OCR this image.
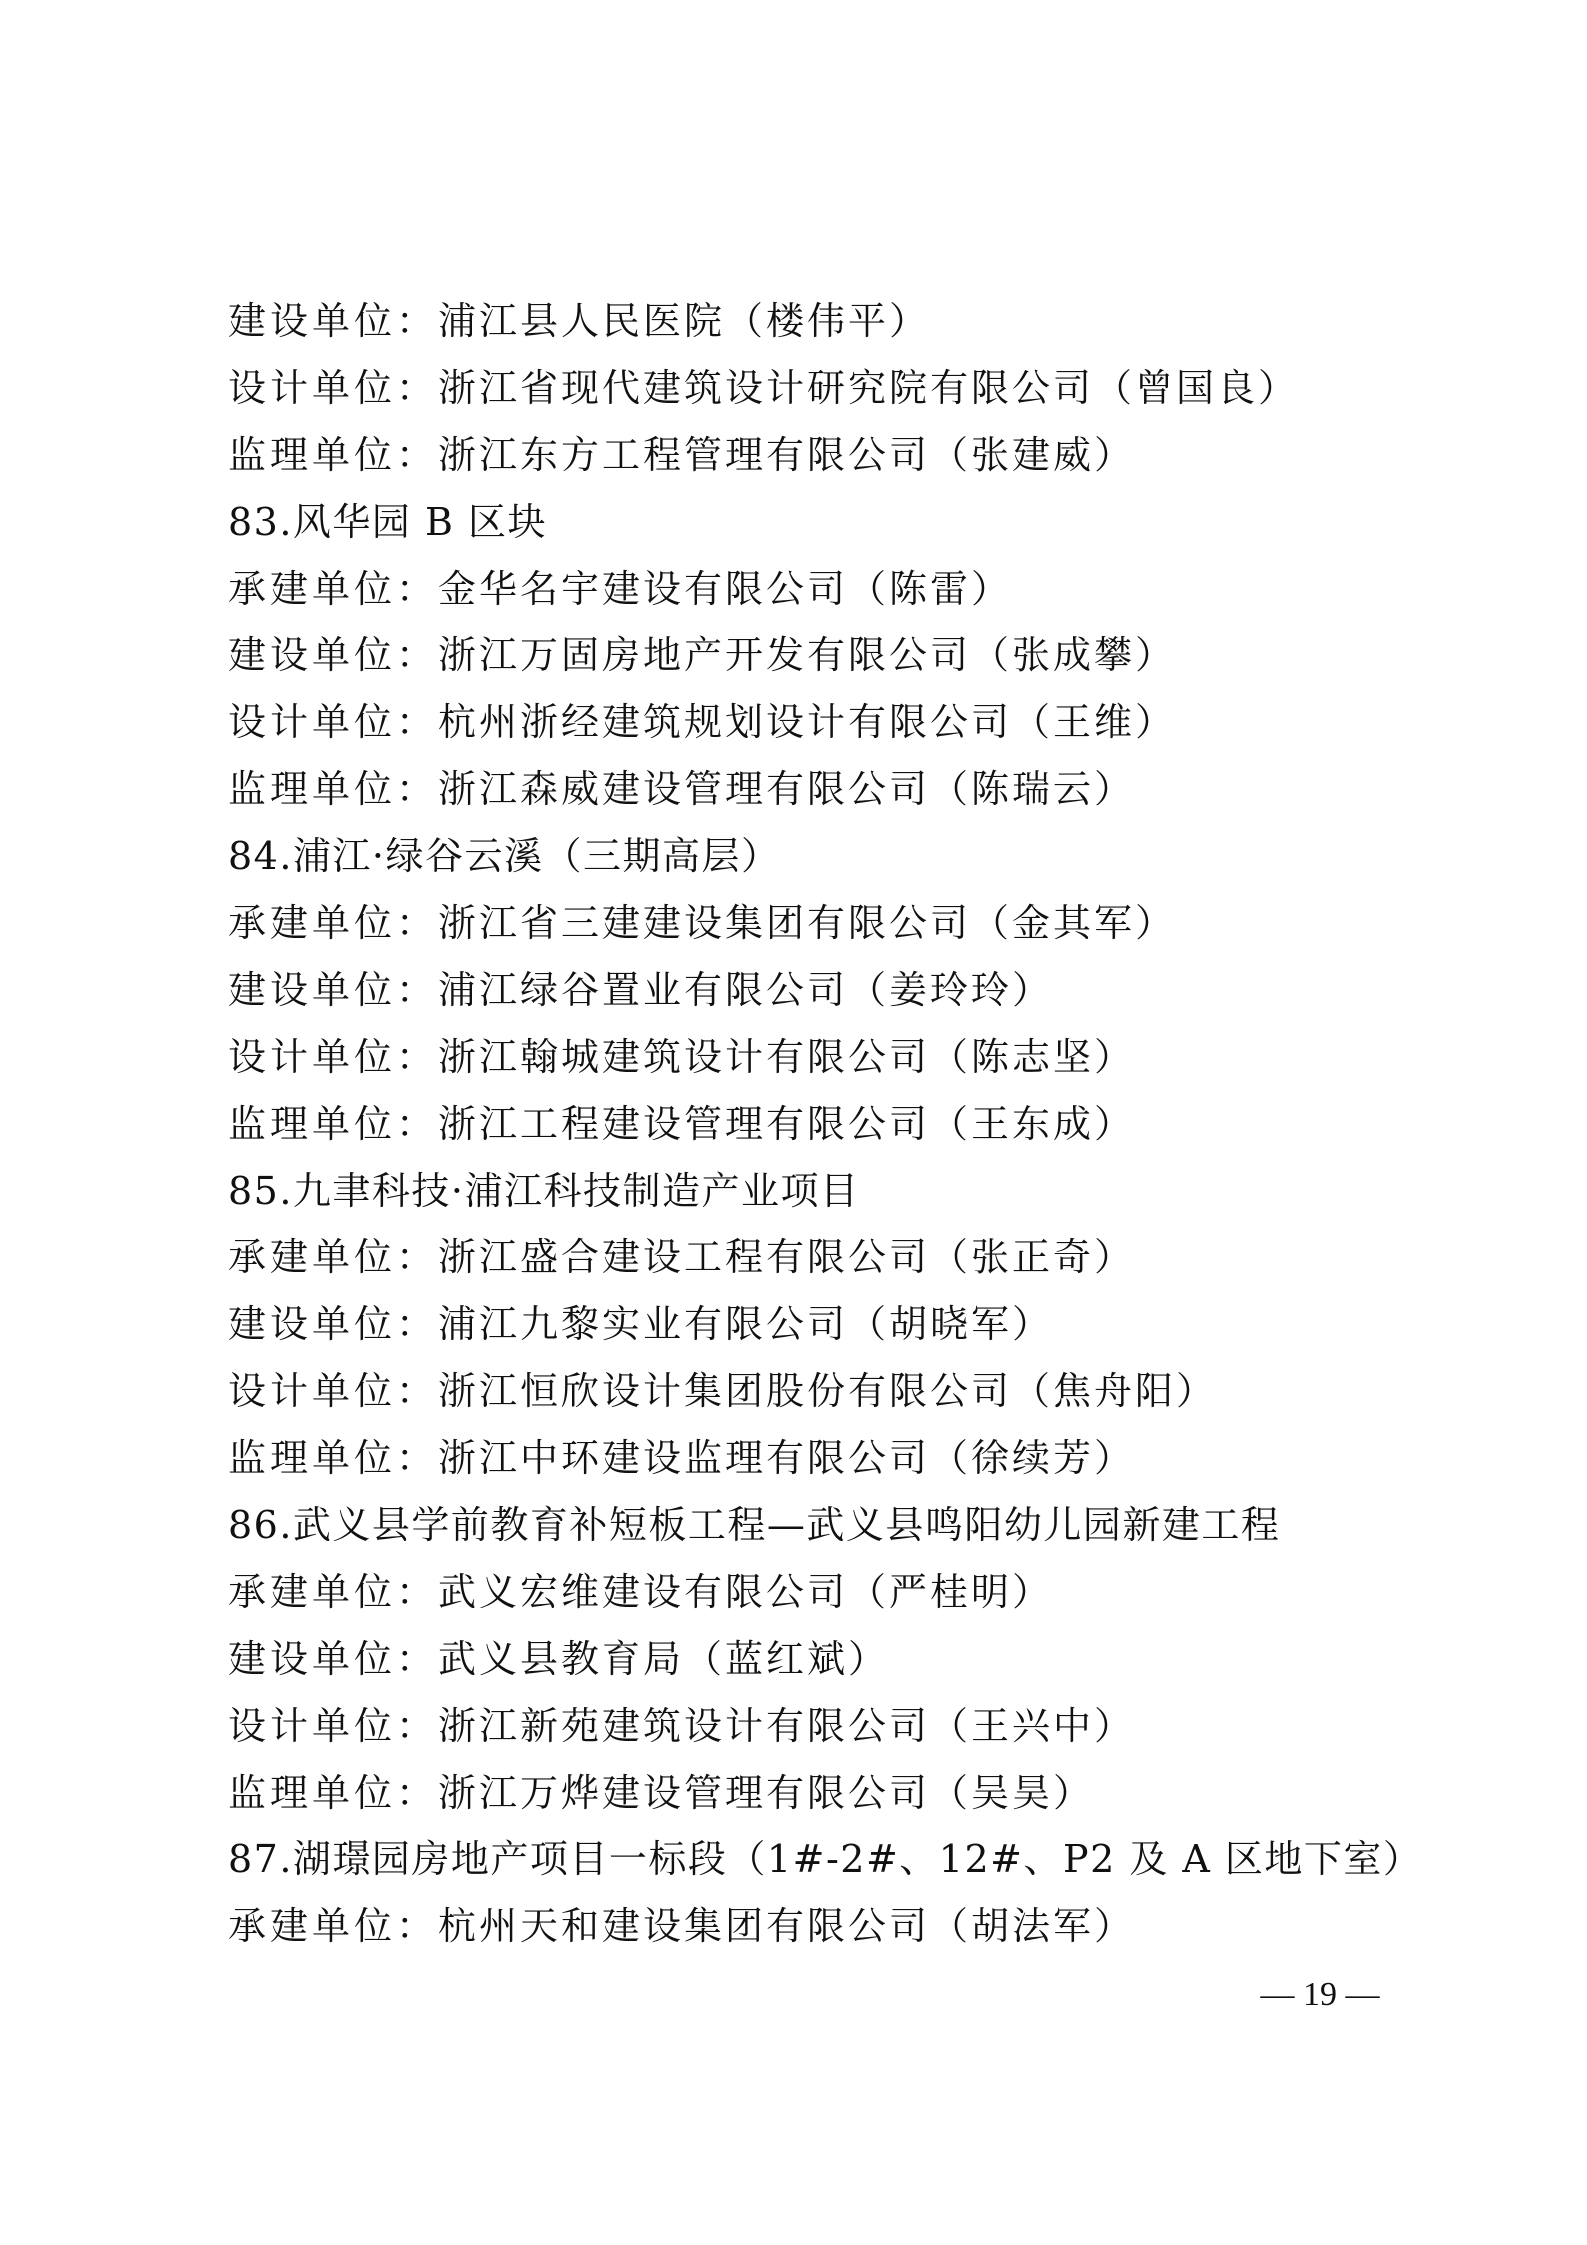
建设单位：浦江县人民医院（楼伟平）
设计单位：浙江省现代建筑设计研究院有限公司（曾国良）
监理单位：浙江东方工程管理有限公司（张建威）
83.风华园 B 区块
承建单位：金华名宇建设有限公司（陈雷）
建设单位：浙江万固房地产开发有限公司（张成攀）
设计单位：杭州浙经建筑规划设计有限公司（王维）
监理单位：浙江森威建设管理有限公司（陈瑞云）
84.浦江·绿谷云溪（三期高层）
承建单位：浙江省三建建设集团有限公司（金其军）
建设单位：浦江绿谷置业有限公司（姜玲玲）
设计单位：浙江翰城建筑设计有限公司（陈志坚）
监理单位：浙江工程建设管理有限公司（王东成）
85.九聿科技·浦江科技制造产业项目
承建单位：浙江盛合建设工程有限公司（张正奇）
建设单位：浦江九黎实业有限公司（胡晓军）
设计单位：浙江恒欣设计集团股份有限公司（焦舟阳）
监理单位：浙江中环建设监理有限公司（徐续芳）
86.武义县学前教育补短板工程—武义县鸣阳幼儿园新建工程
承建单位：武义宏维建设有限公司（严桂明）
建设单位：武义县教育局（蓝红斌）
设计单位：浙江新苑建筑设计有限公司（王兴中）
监理单位：浙江万烨建设管理有限公司（吴昊）
87.湖璟园房地产项目一标段（1#-2#、12#、P2 及 A 区地下室）
承建单位：杭州天和建设集团有限公司（胡法军）
— 19 —
